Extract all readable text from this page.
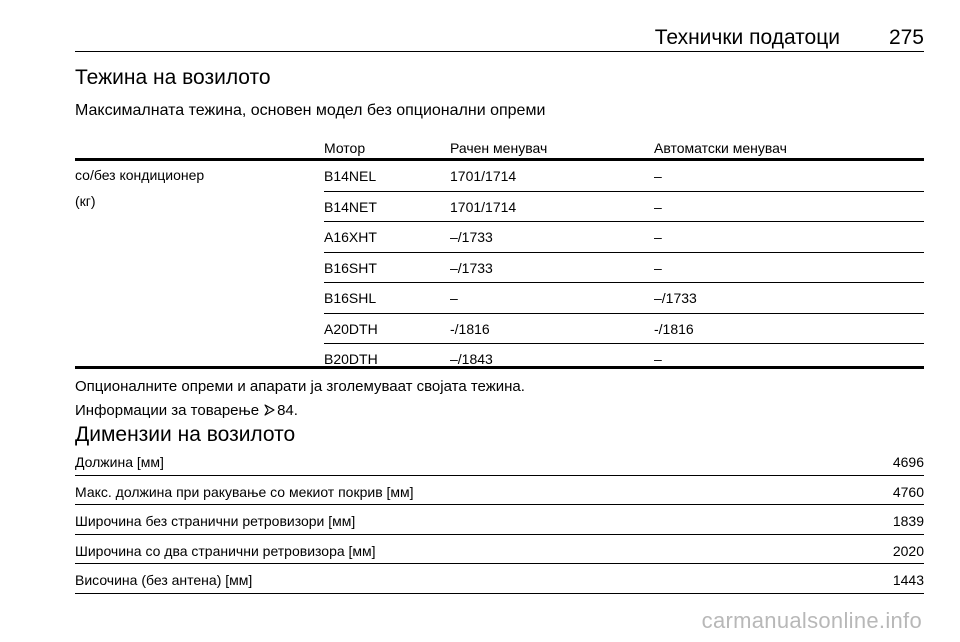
Технички податоци 275
Тежина на возилото
Максималната тежина, основен модел без опционални опреми
Мотор	Рачен менувач	Автоматски менувач
со/без кондиционер
(кг)
B14NEL	1701/1714	–
B14NET	1701/1714	–
A16XHT	–/1733	–
B16SHT	–/1733	–
B16SHL	–	–/1733
A20DTH	-/1816	-/1816
B20DTH	–/1843	–
Опционалните опреми и апарати ја зголемуваат својата тежина.
Информации за товарење 84.
Димензии на возилото
Должина [мм]	4696
Макс. должина при ракување со мекиот покрив [мм]	4760
Широчина без странични ретровизори [мм]	1839
Широчина со два странични ретровизора [мм]	2020
Височина (без антена) [мм]	1443
carmanualsonline.info
